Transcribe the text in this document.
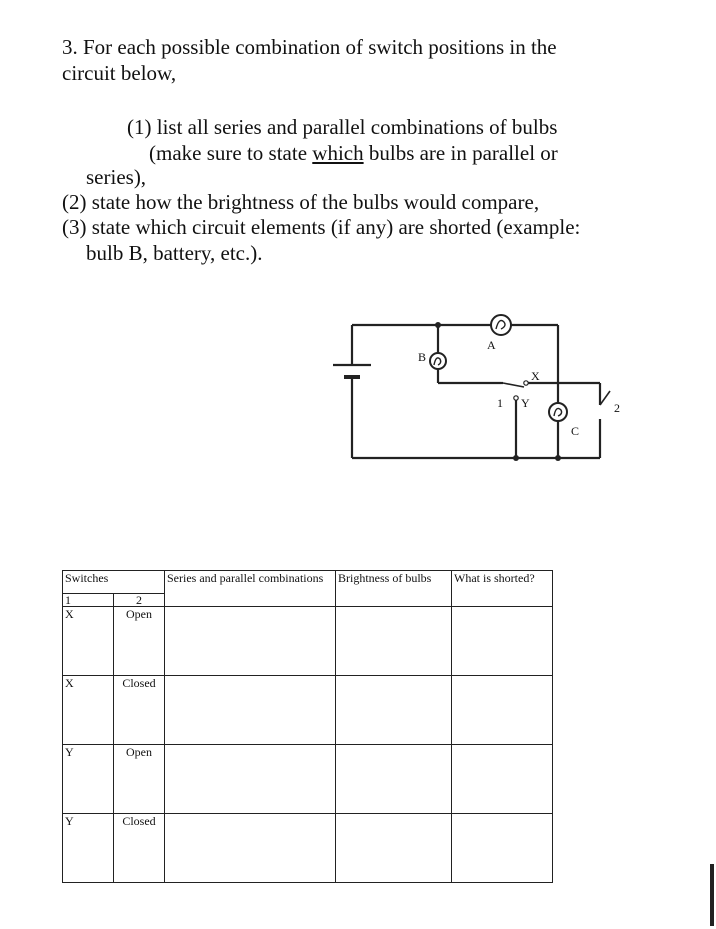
3. For each possible combination of switch positions in the
circuit below,
(1) list all series and parallel combinations of bulbs
(make sure to state which bulbs are in parallel or
series),
(2) state how the brightness of the bulbs would compare,
(3) state which circuit elements (if any) are shorted (example:
bulb B, battery, etc.).
B
A
X
Y
1
C
2
Switches		Series and parallel combinations	Brightness of bulbs	What is shorted?
1	2			
X	Open			
X	Closed			
Y	Open			
Y	Closed			
